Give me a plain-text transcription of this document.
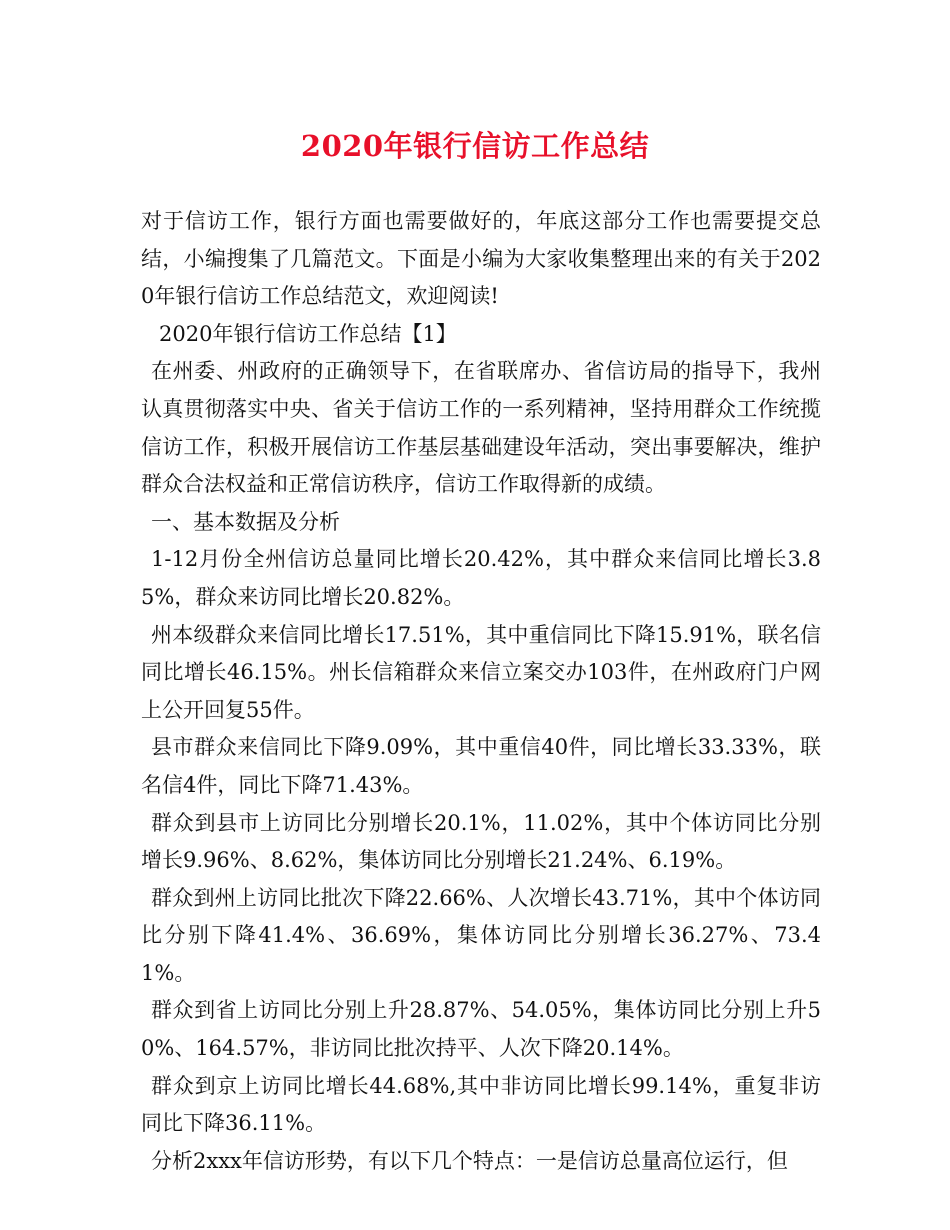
2020年银行信访工作总结

对于信访工作，银行方面也需要做好的，年底这部分工作也需要提交总结，小编搜集了几篇范文。下面是小编为大家收集整理出来的有关于2020年银行信访工作总结范文，欢迎阅读!

2020年银行信访工作总结【1】

在州委、州政府的正确领导下，在省联席办、省信访局的指导下，我州认真贯彻落实中央、省关于信访工作的一系列精神，坚持用群众工作统揽信访工作，积极开展信访工作基层基础建设年活动，突出事要解决，维护群众合法权益和正常信访秩序，信访工作取得新的成绩。

一、基本数据及分析

1-12月份全州信访总量同比增长20.42%，其中群众来信同比增长3.85%，群众来访同比增长20.82%。

州本级群众来信同比增长17.51%，其中重信同比下降15.91%，联名信同比增长46.15%。州长信箱群众来信立案交办103件，在州政府门户网上公开回复55件。

县市群众来信同比下降9.09%，其中重信40件，同比增长33.33%，联名信4件，同比下降71.43%。

群众到县市上访同比分别增长20.1%，11.02%，其中个体访同比分别增长9.96%、8.62%，集体访同比分别增长21.24%、6.19%。

群众到州上访同比批次下降22.66%、人次增长43.71%，其中个体访同比分别下降41.4%、36.69%，集体访同比分别增长36.27%、73.41%。

群众到省上访同比分别上升28.87%、54.05%，集体访同比分别上升50%、164.57%，非访同比批次持平、人次下降20.14%。

群众到京上访同比增长44.68%,其中非访同比增长99.14%，重复非访同比下降36.11%。

分析2xxx年信访形势，有以下几个特点：一是信访总量高位运行，但
